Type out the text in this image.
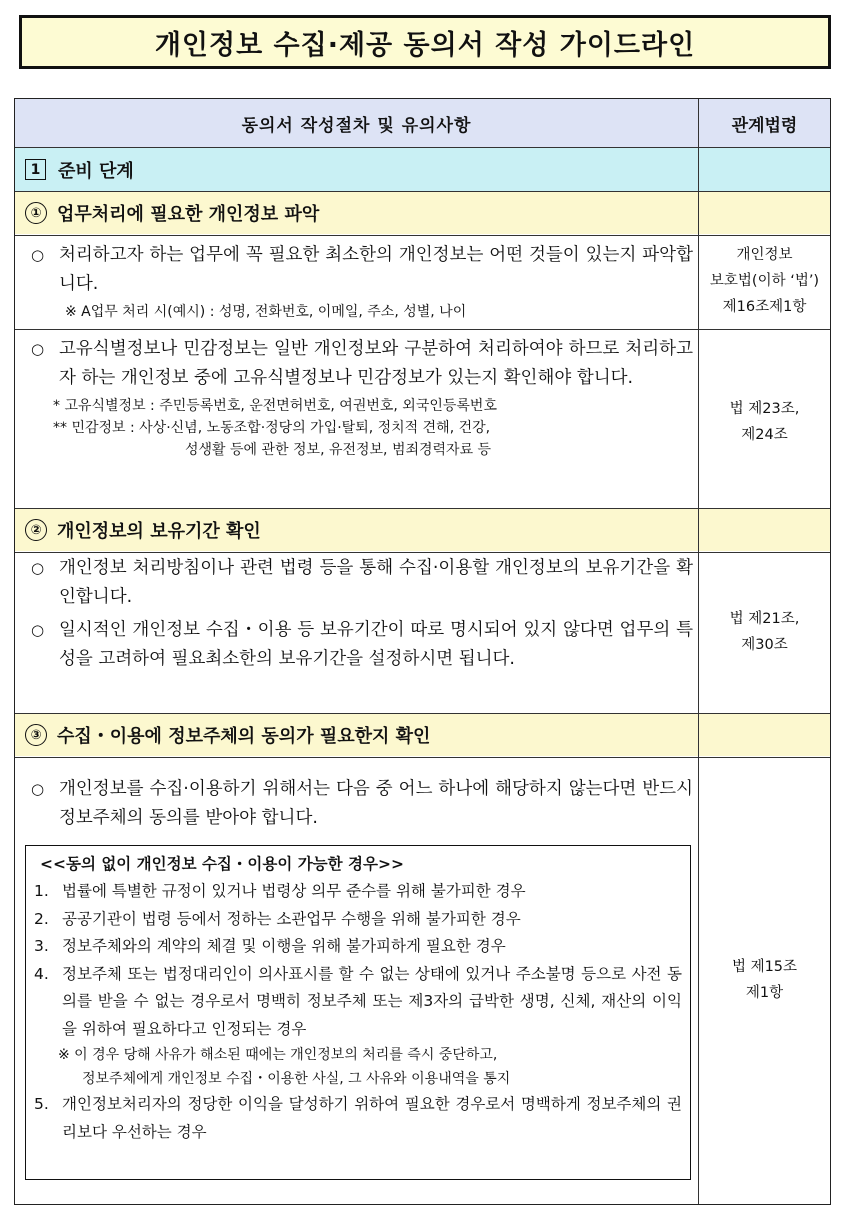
개인정보 수집·제공 동의서 작성 가이드라인
동의서 작성절차 및 유의사항	관계법령
1 준비 단계
① 업무처리에 필요한 개인정보 파악
○ 처리하고자 하는 업무에 꼭 필요한 최소한의 개인정보는 어떤 것들이 있는지 파악합니다.
※ A업무 처리 시(예시) : 성명, 전화번호, 이메일, 주소, 성별, 나이
개인정보
보호법(이하 ‘법’)
제16조제1항
○ 고유식별정보나 민감정보는 일반 개인정보와 구분하여 처리하여야 하므로 처리하고자 하는 개인정보 중에 고유식별정보나 민감정보가 있는지 확인해야 합니다.
* 고유식별정보 : 주민등록번호, 운전면허번호, 여권번호, 외국인등록번호
** 민감정보 : 사상·신념, 노동조합·정당의 가입·탈퇴, 정치적 견해, 건강,
성생활 등에 관한 정보, 유전정보, 범죄경력자료 등
법 제23조,
제24조
② 개인정보의 보유기간 확인
○ 개인정보 처리방침이나 관련 법령 등을 통해 수집·이용할 개인정보의 보유기간을 확인합니다.
○ 일시적인 개인정보 수집・이용 등 보유기간이 따로 명시되어 있지 않다면 업무의 특성을 고려하여 필요최소한의 보유기간을 설정하시면 됩니다.
법 제21조,
제30조
③ 수집・이용에 정보주체의 동의가 필요한지 확인
○ 개인정보를 수집·이용하기 위해서는 다음 중 어느 하나에 해당하지 않는다면 반드시 정보주체의 동의를 받아야 합니다.
<<동의 없이 개인정보 수집・이용이 가능한 경우>>
1. 법률에 특별한 규정이 있거나 법령상 의무 준수를 위해 불가피한 경우
2. 공공기관이 법령 등에서 정하는 소관업무 수행을 위해 불가피한 경우
3. 정보주체와의 계약의 체결 및 이행을 위해 불가피하게 필요한 경우
4. 정보주체 또는 법정대리인이 의사표시를 할 수 없는 상태에 있거나 주소불명 등으로 사전 동의를 받을 수 없는 경우로서 명백히 정보주체 또는 제3자의 급박한 생명, 신체, 재산의 이익을 위하여 필요하다고 인정되는 경우
※ 이 경우 당해 사유가 해소된 때에는 개인정보의 처리를 즉시 중단하고,
정보주체에게 개인정보 수집・이용한 사실, 그 사유와 이용내역을 통지
5. 개인정보처리자의 정당한 이익을 달성하기 위하여 필요한 경우로서 명백하게 정보주체의 권리보다 우선하는 경우
법 제15조
제1항
